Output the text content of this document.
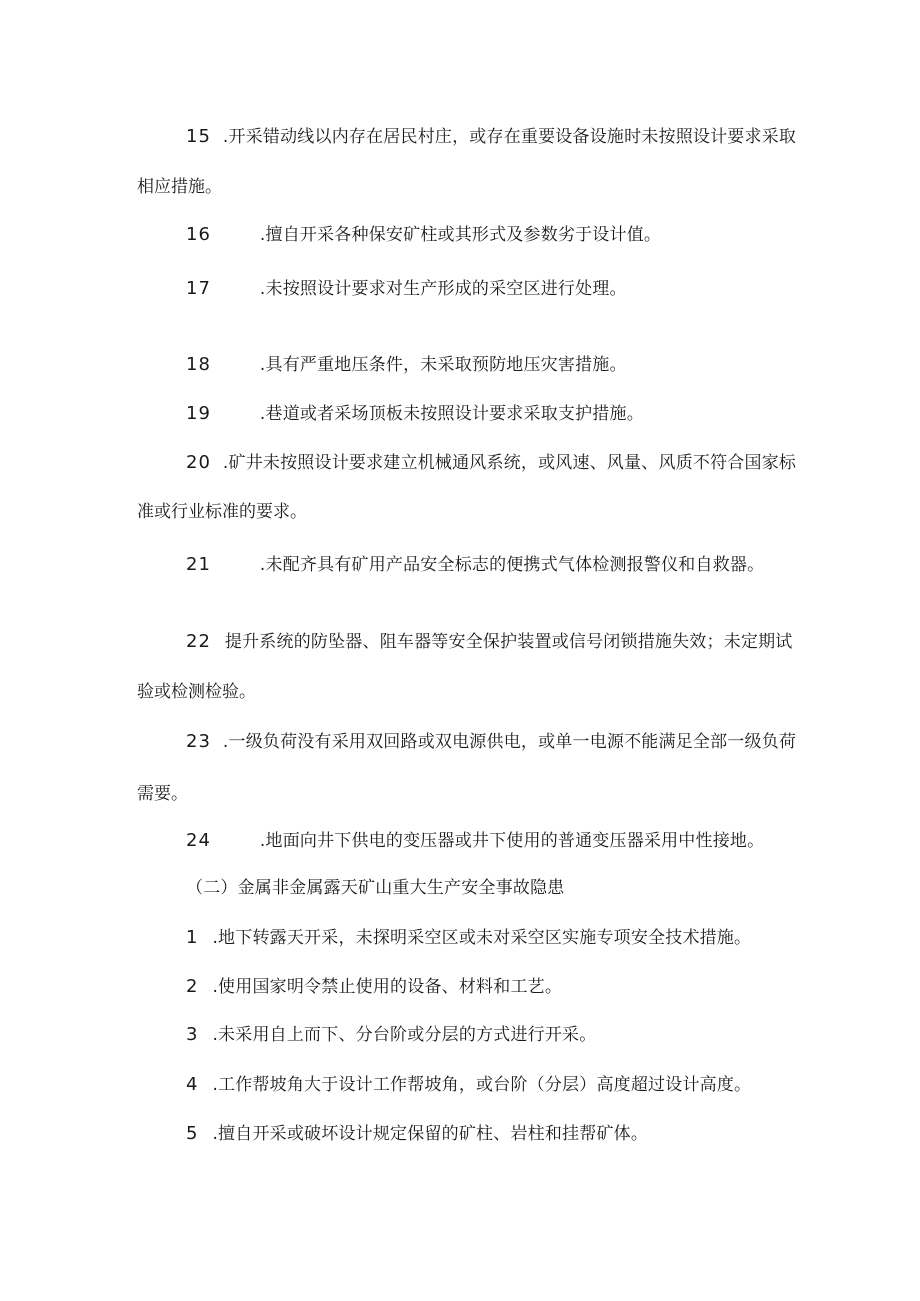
15 .开采错动线以内存在居民村庄，或存在重要设备设施时未按照设计要求采取
相应措施。
16	.擅自开采各种保安矿柱或其形式及参数劣于设计值。
17	.未按照设计要求对生产形成的采空区进行处理。
18	.具有严重地压条件，未采取预防地压灾害措施。
19	.巷道或者采场顶板未按照设计要求采取支护措施。
20 .矿井未按照设计要求建立机械通风系统，或风速、风量、风质不符合国家标
准或行业标准的要求。
21	.未配齐具有矿用产品安全标志的便携式气体检测报警仪和自救器。
22 提升系统的防坠器、阻车器等安全保护装置或信号闭锁措施失效；未定期试
验或检测检验。
23 .一级负荷没有采用双回路或双电源供电，或单一电源不能满足全部一级负荷
需要。
24	.地面向井下供电的变压器或井下使用的普通变压器采用中性接地。
（二）金属非金属露天矿山重大生产安全事故隐患
1 .地下转露天开采，未探明采空区或未对采空区实施专项安全技术措施。
2 .使用国家明令禁止使用的设备、材料和工艺。
3 .未采用自上而下、分台阶或分层的方式进行开采。
4 .工作帮坡角大于设计工作帮坡角，或台阶（分层）高度超过设计高度。
5 .擅自开采或破坏设计规定保留的矿柱、岩柱和挂帮矿体。
